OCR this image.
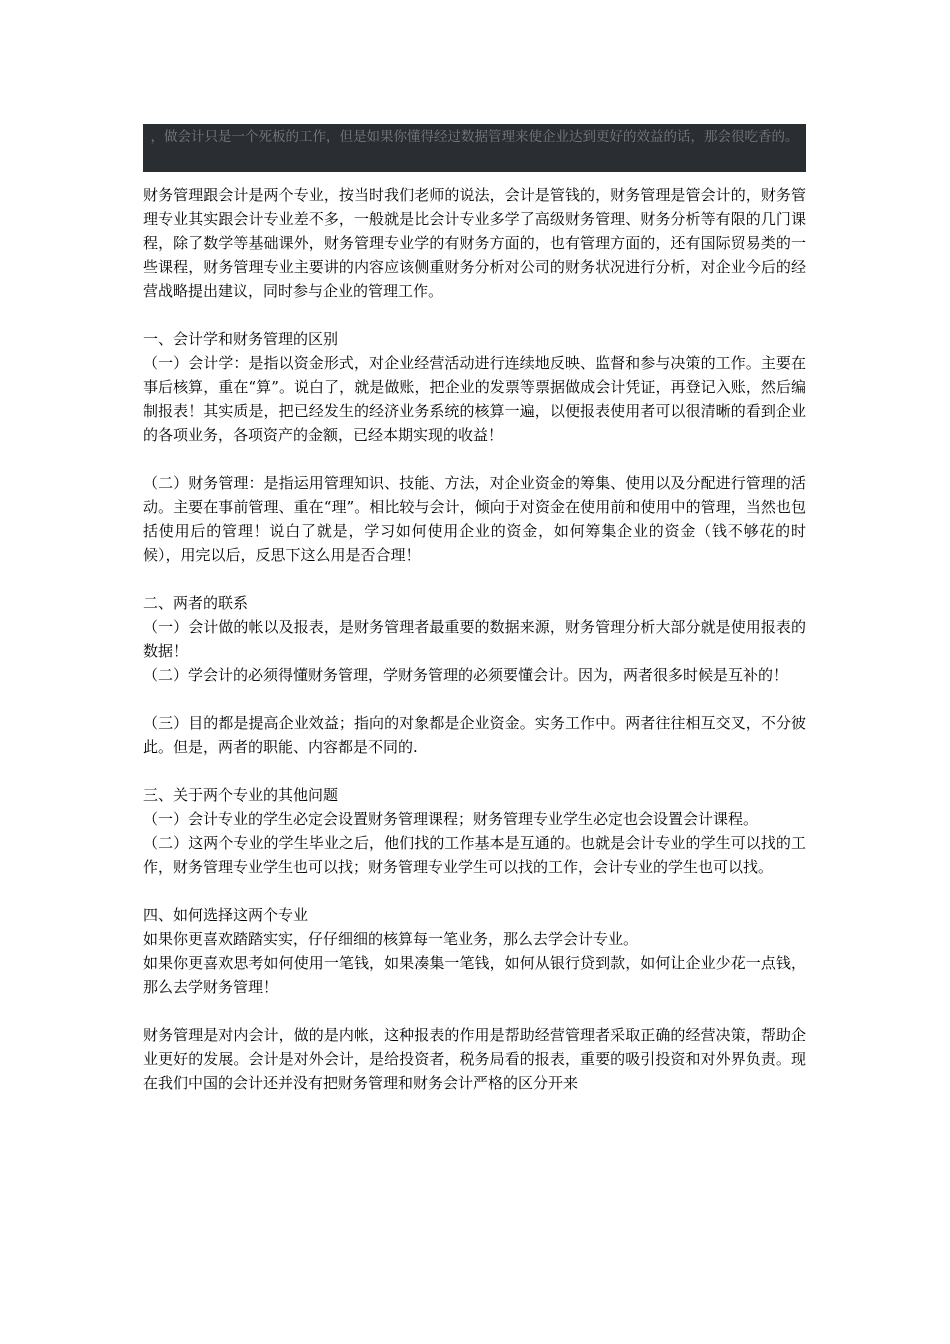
，做会计只是一个死板的工作，但是如果你懂得经过数据管理来使企业达到更好的效益的话，那会很吃香的。

财务管理跟会计是两个专业，按当时我们老师的说法，会计是管钱的，财务管理是管会计的，财务管理专业其实跟会计专业差不多，一般就是比会计专业多学了高级财务管理、财务分析等有限的几门课程，除了数学等基础课外，财务管理专业学的有财务方面的，也有管理方面的，还有国际贸易类的一些课程，财务管理专业主要讲的内容应该侧重财务分析对公司的财务状况进行分析，对企业今后的经营战略提出建议，同时参与企业的管理工作。

一、会计学和财务管理的区别

（一）会计学：是指以资金形式，对企业经营活动进行连续地反映、监督和参与决策的工作。主要在事后核算，重在“算”。说白了，就是做账，把企业的发票等票据做成会计凭证，再登记入账，然后编制报表！其实质是，把已经发生的经济业务系统的核算一遍，以便报表使用者可以很清晰的看到企业的各项业务，各项资产的金额，已经本期实现的收益！

（二）财务管理：是指运用管理知识、技能、方法，对企业资金的筹集、使用以及分配进行管理的活动。主要在事前管理、重在“理”。相比较与会计，倾向于对资金在使用前和使用中的管理，当然也包括使用后的管理！说白了就是，学习如何使用企业的资金，如何筹集企业的资金（钱不够花的时候），用完以后，反思下这么用是否合理！

二、两者的联系

（一）会计做的帐以及报表，是财务管理者最重要的数据来源，财务管理分析大部分就是使用报表的数据！

（二）学会计的必须得懂财务管理，学财务管理的必须要懂会计。因为，两者很多时候是互补的！

（三）目的都是提高企业效益；指向的对象都是企业资金。实务工作中。两者往往相互交叉，不分彼此。但是，两者的职能、内容都是不同的.

三、关于两个专业的其他问题

（一）会计专业的学生必定会设置财务管理课程；财务管理专业学生必定也会设置会计课程。

（二）这两个专业的学生毕业之后，他们找的工作基本是互通的。也就是会计专业的学生可以找的工作，财务管理专业学生也可以找；财务管理专业学生可以找的工作，会计专业的学生也可以找。

四、如何选择这两个专业

如果你更喜欢踏踏实实，仔仔细细的核算每一笔业务，那么去学会计专业。

如果你更喜欢思考如何使用一笔钱，如果凑集一笔钱，如何从银行贷到款，如何让企业少花一点钱，那么去学财务管理！

财务管理是对内会计，做的是内帐，这种报表的作用是帮助经营管理者采取正确的经营决策，帮助企业更好的发展。会计是对外会计，是给投资者，税务局看的报表，重要的吸引投资和对外界负责。现在我们中国的会计还并没有把财务管理和财务会计严格的区分开来
